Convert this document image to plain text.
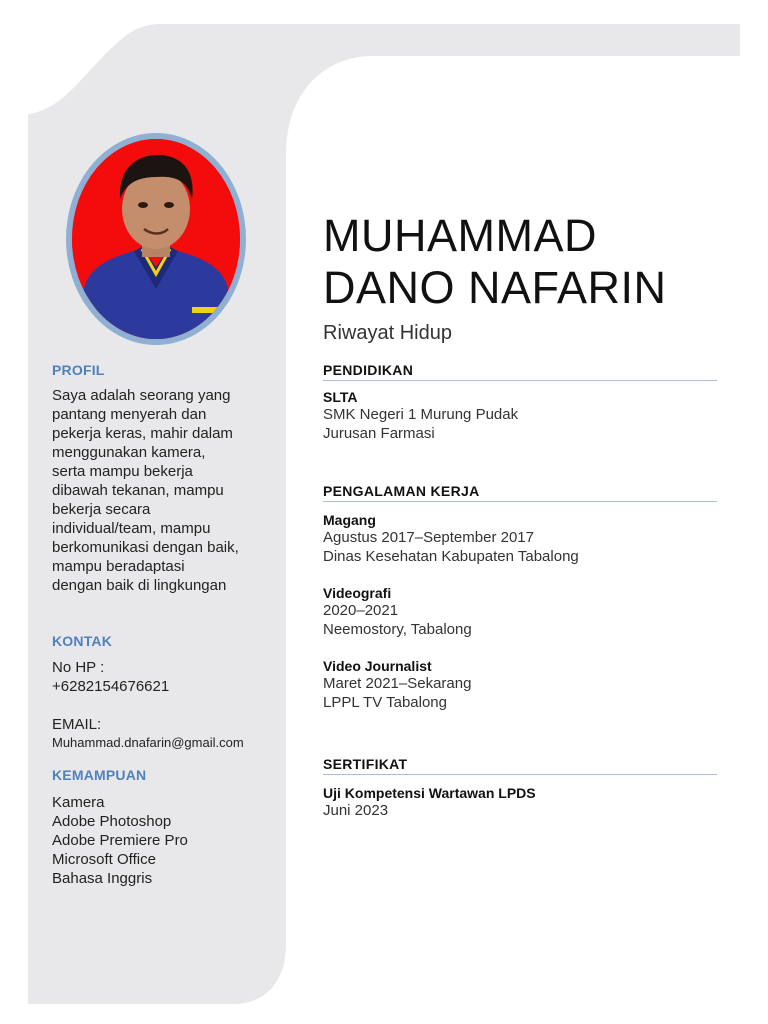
PROFIL
Saya adalah seorang yang
pantang menyerah dan
pekerja keras, mahir dalam
menggunakan kamera,
serta mampu bekerja
dibawah tekanan, mampu
bekerja secara
individual/team, mampu
berkomunikasi dengan baik,
mampu beradaptasi
dengan baik di lingkungan
KONTAK
No HP :
+6282154676621
EMAIL:
Muhammad.dnafarin@gmail.com
KEMAMPUAN
Kamera
Adobe Photoshop
Adobe Premiere Pro
Microsoft Office
Bahasa Inggris
MUHAMMAD
DANO NAFARIN
Riwayat Hidup
PENDIDIKAN
SLTA
SMK Negeri 1 Murung Pudak
Jurusan Farmasi
PENGALAMAN KERJA
Magang
Agustus 2017–September 2017
Dinas Kesehatan Kabupaten Tabalong
Videografi
2020–2021
Neemostory, Tabalong
Video Journalist
Maret 2021–Sekarang
LPPL TV Tabalong
SERTIFIKAT
Uji Kompetensi Wartawan LPDS
Juni 2023
